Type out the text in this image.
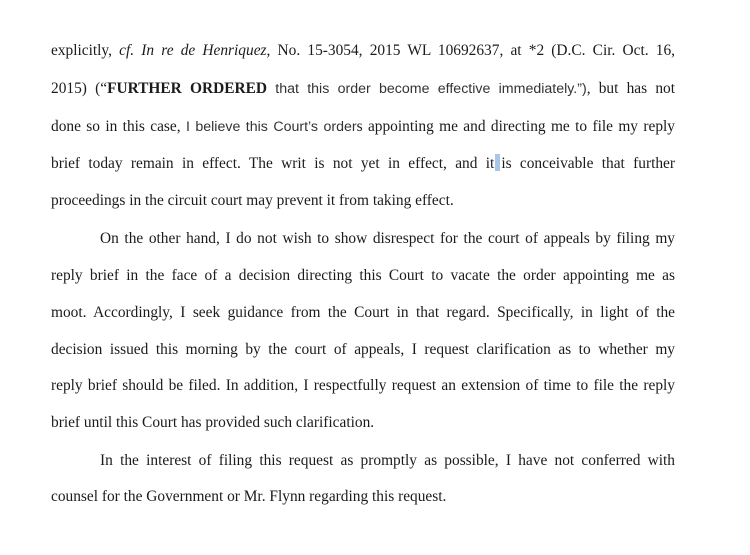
explicitly, cf. In re de Henriquez, No. 15-3054, 2015 WL 10692637, at *2 (D.C. Cir. Oct. 16,
2015) (“FURTHER ORDERED that this order become effective immediately.”), but has not
done so in this case, I believe this Court’s orders appointing me and directing me to file my reply
brief today remain in effect. The writ is not yet in effect, and it is conceivable that further
proceedings in the circuit court may prevent it from taking effect.
On the other hand, I do not wish to show disrespect for the court of appeals by filing my
reply brief in the face of a decision directing this Court to vacate the order appointing me as
moot. Accordingly, I seek guidance from the Court in that regard. Specifically, in light of the
decision issued this morning by the court of appeals, I request clarification as to whether my
reply brief should be filed. In addition, I respectfully request an extension of time to file the reply
brief until this Court has provided such clarification.
In the interest of filing this request as promptly as possible, I have not conferred with
counsel for the Government or Mr. Flynn regarding this request.
